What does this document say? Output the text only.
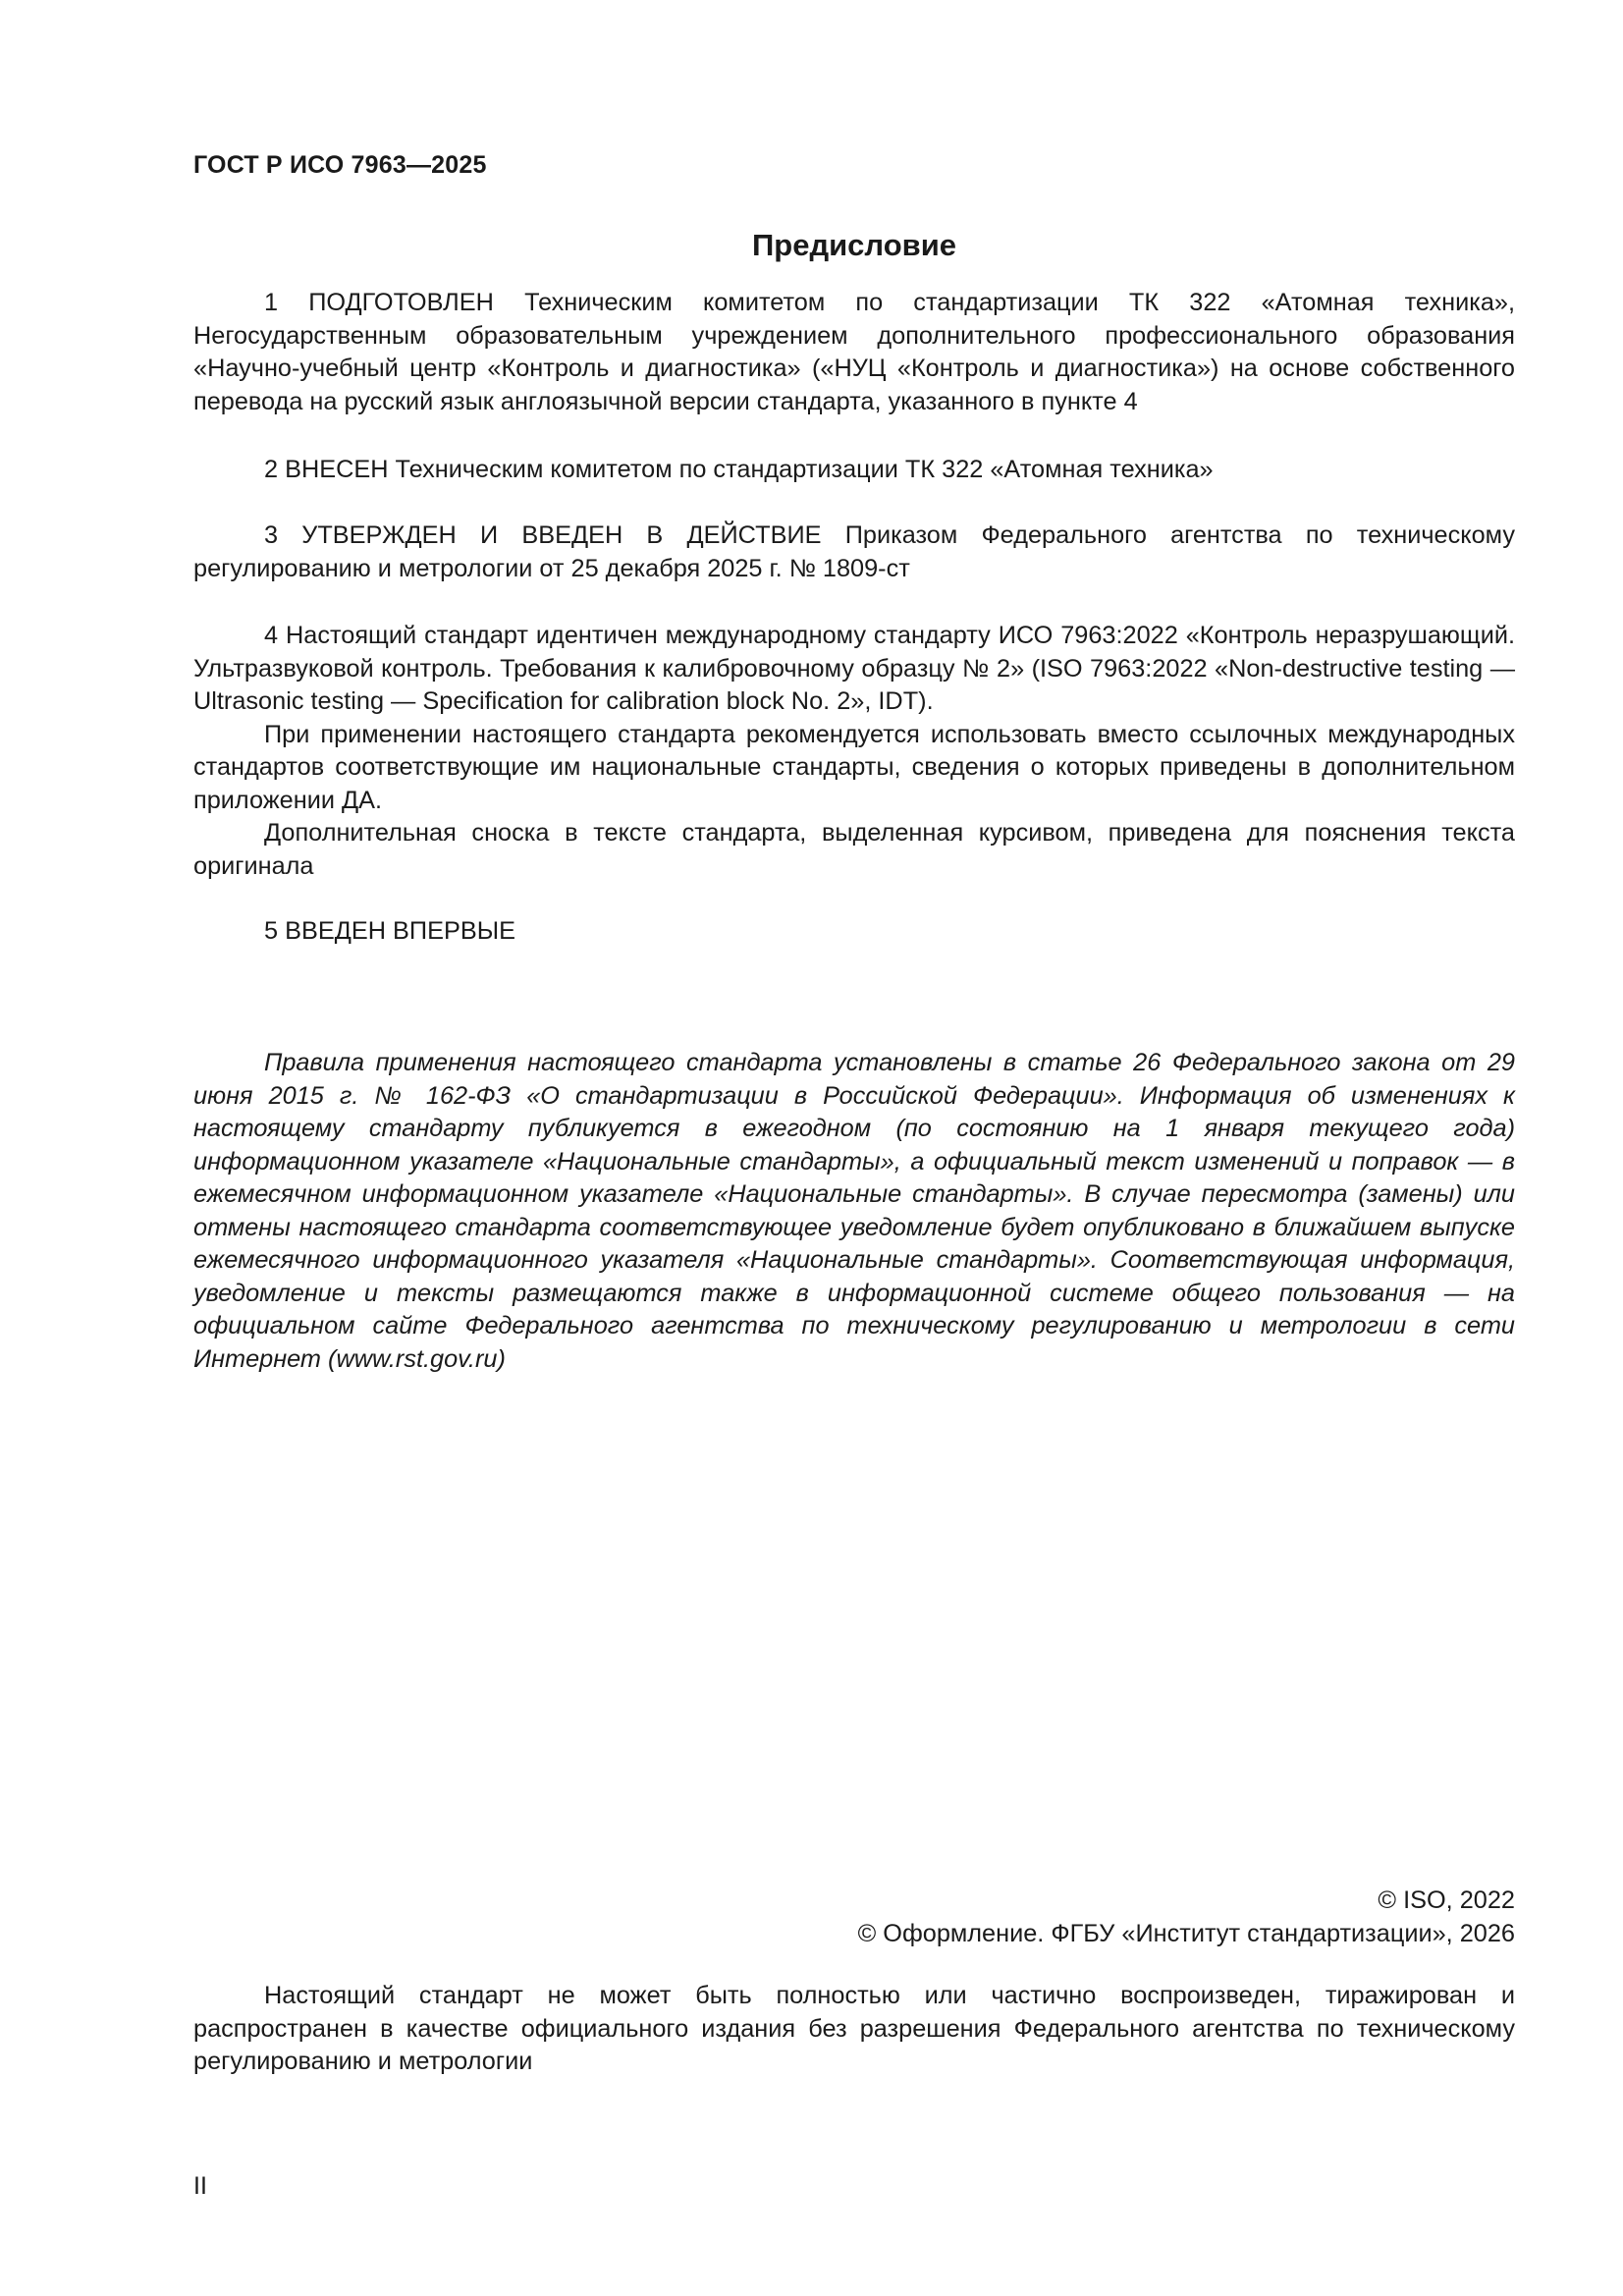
ГОСТ Р ИСО 7963—2025
Предисловие

1 ПОДГОТОВЛЕН Техническим комитетом по стандартизации ТК 322 «Атомная техника», Негосударственным образовательным учреждением дополнительного профессионального образования «Научно-учебный центр «Контроль и диагностика» («НУЦ «Контроль и диагностика») на основе собственного перевода на русский язык англоязычной версии стандарта, указанного в пункте 4

2 ВНЕСЕН Техническим комитетом по стандартизации ТК 322 «Атомная техника»

3 УТВЕРЖДЕН И ВВЕДЕН В ДЕЙСТВИЕ Приказом Федерального агентства по техническому регулированию и метрологии от 25 декабря 2025 г. № 1809-ст

4 Настоящий стандарт идентичен международному стандарту ИСО 7963:2022 «Контроль неразрушающий. Ультразвуковой контроль. Требования к калибровочному образцу № 2» (ISO 7963:2022 «Non-destructive testing — Ultrasonic testing — Specification for calibration block No. 2», IDT).

При применении настоящего стандарта рекомендуется использовать вместо ссылочных международных стандартов соответствующие им национальные стандарты, сведения о которых приведены в дополнительном приложении ДА.

Дополнительная сноска в тексте стандарта, выделенная курсивом, приведена для пояснения текста оригинала

5 ВВЕДЕН ВПЕРВЫЕ

Правила применения настоящего стандарта установлены в статье 26 Федерального закона от 29 июня 2015 г. № 162-ФЗ «О стандартизации в Российской Федерации». Информация об изменениях к настоящему стандарту публикуется в ежегодном (по состоянию на 1 января текущего года) информационном указателе «Национальные стандарты», а официальный текст изменений и поправок — в ежемесячном информационном указателе «Национальные стандарты». В случае пересмотра (замены) или отмены настоящего стандарта соответствующее уведомление будет опубликовано в ближайшем выпуске ежемесячного информационного указателя «Национальные стандарты». Соответствующая информация, уведомление и тексты размещаются также в информационной системе общего пользования — на официальном сайте Федерального агентства по техническому регулированию и метрологии в сети Интернет (www.rst.gov.ru)

© ISO, 2022
© Оформление. ФГБУ «Институт стандартизации», 2026

Настоящий стандарт не может быть полностью или частично воспроизведен, тиражирован и распространен в качестве официального издания без разрешения Федерального агентства по техническому регулированию и метрологии

II
